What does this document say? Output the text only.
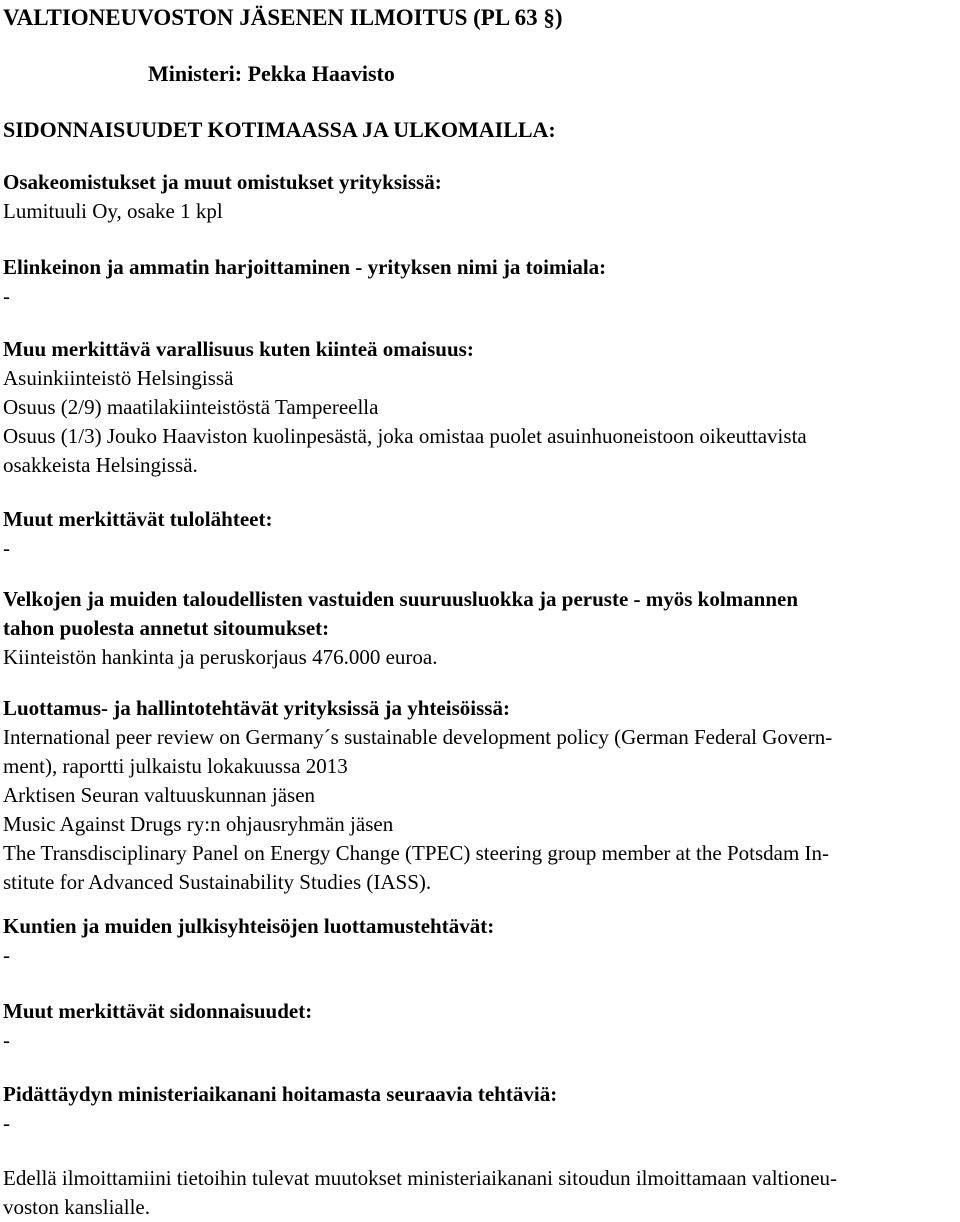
VALTIONEUVOSTON JÄSENEN ILMOITUS (PL 63 §)
Ministeri: Pekka Haavisto
SIDONNAISUUDET KOTIMAASSA JA ULKOMAILLA:
Osakeomistukset ja muut omistukset yrityksissä:
Lumituuli Oy, osake 1 kpl
Elinkeinon ja ammatin harjoittaminen - yrityksen nimi ja toimiala:
-
Muu merkittävä varallisuus kuten kiinteä omaisuus:
Asuinkiinteistö Helsingissä
Osuus (2/9) maatilakiinteistöstä Tampereella
Osuus (1/3) Jouko Haaviston kuolinpesästä, joka omistaa puolet asuinhuoneistoon oikeuttavista
osakkeista Helsingissä.
Muut merkittävät tulolähteet:
-
Velkojen ja muiden taloudellisten vastuiden suuruusluokka ja peruste - myös kolmannen
tahon puolesta annetut sitoumukset:
Kiinteistön hankinta ja peruskorjaus 476.000 euroa.
Luottamus- ja hallintotehtävät yrityksissä ja yhteisöissä:
International peer review on Germany´s sustainable development policy (German Federal Govern-
ment), raportti julkaistu lokakuussa 2013
Arktisen Seuran valtuuskunnan jäsen
Music Against Drugs ry:n ohjausryhmän jäsen
The Transdisciplinary Panel on Energy Change (TPEC) steering group member at the Potsdam In-
stitute for Advanced Sustainability Studies (IASS).
Kuntien ja muiden julkisyhteisöjen luottamustehtävät:
-
Muut merkittävät sidonnaisuudet:
-
Pidättäydyn ministeriaikanani hoitamasta seuraavia tehtäviä:
-
Edellä ilmoittamiini tietoihin tulevat muutokset ministeriaikanani sitoudun ilmoittamaan valtioneu-
voston kanslialle.
